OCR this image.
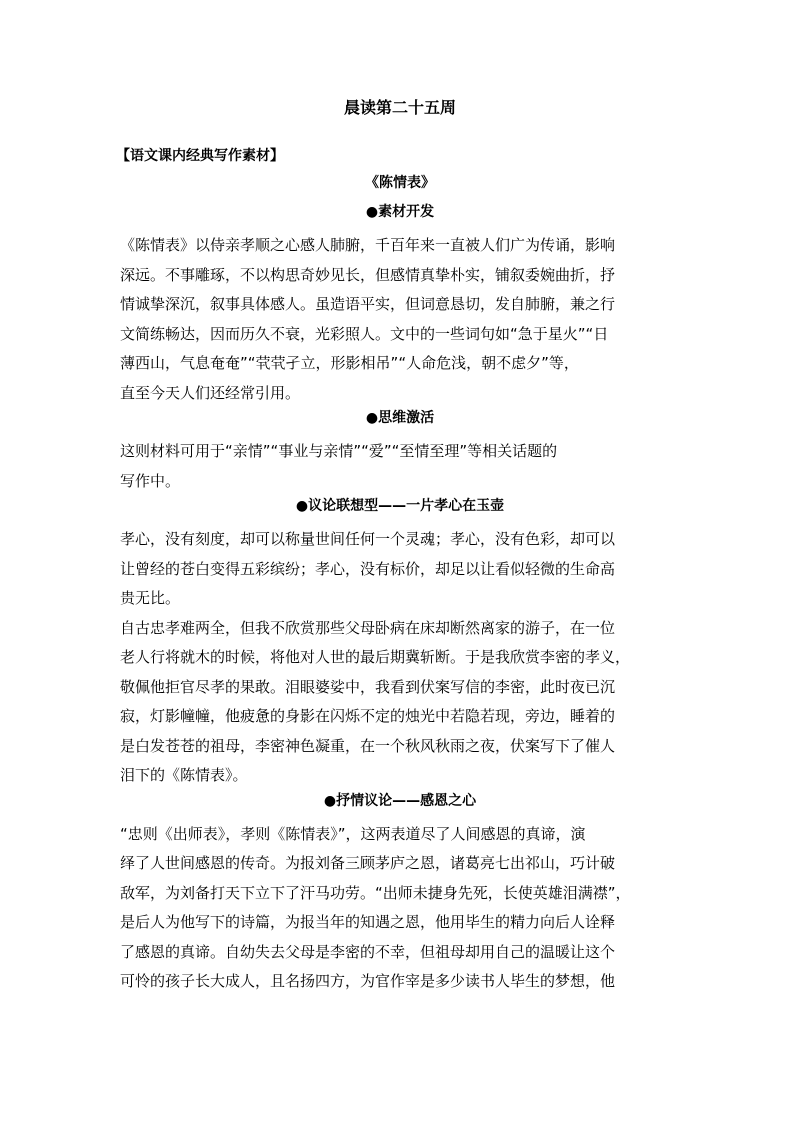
晨读第二十五周
【语文课内经典写作素材】
《陈情表》
●素材开发
《陈情表》以侍亲孝顺之心感人肺腑，千百年来一直被人们广为传诵，影响
深远。不事雕琢，不以构思奇妙见长，但感情真挚朴实，铺叙委婉曲折，抒
情诚挚深沉，叙事具体感人。虽造语平实，但词意恳切，发自肺腑，兼之行
文简练畅达，因而历久不衰，光彩照人。文中的一些词句如“急于星火”“日
薄西山，气息奄奄”“茕茕孑立，形影相吊”“人命危浅，朝不虑夕”等，
直至今天人们还经常引用。
●思维激活
这则材料可用于“亲情”“事业与亲情”“爱”“至情至理”等相关话题的
写作中。
●议论联想型——一片孝心在玉壶
孝心，没有刻度，却可以称量世间任何一个灵魂；孝心，没有色彩，却可以
让曾经的苍白变得五彩缤纷；孝心，没有标价，却足以让看似轻微的生命高
贵无比。
自古忠孝难两全，但我不欣赏那些父母卧病在床却断然离家的游子，在一位
老人行将就木的时候，将他对人世的最后期冀斩断。于是我欣赏李密的孝义，
敬佩他拒官尽孝的果敢。泪眼婆娑中，我看到伏案写信的李密，此时夜已沉
寂，灯影幢幢，他疲惫的身影在闪烁不定的烛光中若隐若现，旁边，睡着的
是白发苍苍的祖母，李密神色凝重，在一个秋风秋雨之夜，伏案写下了催人
泪下的《陈情表》。
●抒情议论——感恩之心
“忠则《出师表》，孝则《陈情表》”，这两表道尽了人间感恩的真谛，演
绎了人世间感恩的传奇。为报刘备三顾茅庐之恩，诸葛亮七出祁山，巧计破
敌军，为刘备打天下立下了汗马功劳。“出师未捷身先死，长使英雄泪满襟”，
是后人为他写下的诗篇，为报当年的知遇之恩，他用毕生的精力向后人诠释
了感恩的真谛。自幼失去父母是李密的不幸，但祖母却用自己的温暖让这个
可怜的孩子长大成人，且名扬四方，为官作宰是多少读书人毕生的梦想，他
